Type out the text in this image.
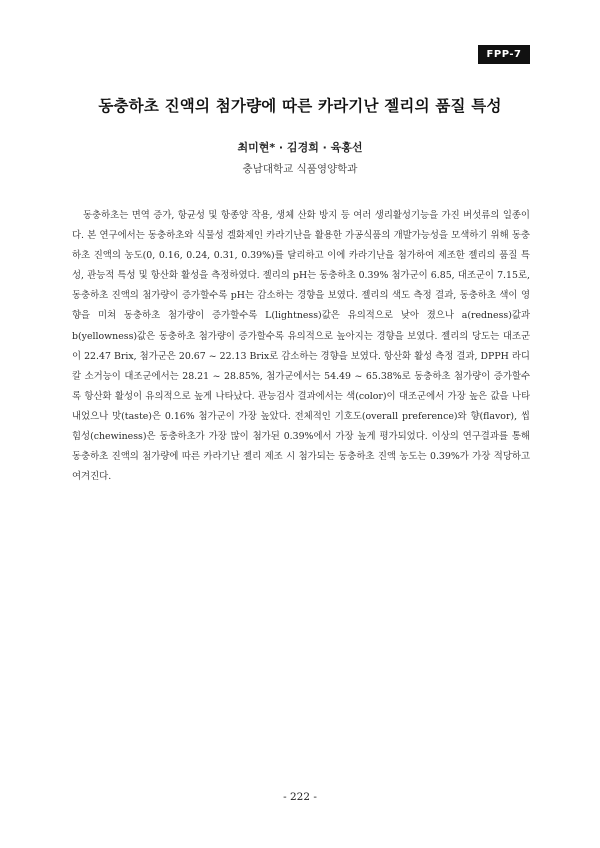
FPP-7
동충하초 진액의 첨가량에 따른 카라기난 젤리의 품질 특성
최미현* · 김경희 · 육홍선
충남대학교 식품영양학과

동충하초는 면역 증가, 항균성 및 항종양 작용, 생체 산화 방지 등 여러 생리활성기능을 가진 버섯류의 일종이다. 본 연구에서는 동충하초와 식물성 겔화제인 카라기난을 활용한 가공식품의 개발가능성을 모색하기 위해 동충하초 진액의 농도(0, 0.16, 0.24, 0.31, 0.39%)를 달리하고 이에 카라기난을 첨가하여 제조한 젤리의 품질 특성, 관능적 특성 및 항산화 활성을 측정하였다. 젤리의 pH는 동충하초 0.39% 첨가군이 6.85, 대조군이 7.15로, 동충하초 진액의 첨가량이 증가할수록 pH는 감소하는 경향을 보였다. 젤리의 색도 측정 결과, 동충하초 색이 영향을 미쳐 동충하초 첨가량이 증가할수록 L(lightness)값은 유의적으로 낮아 졌으나 a(redness)값과 b(yellowness)값은 동충하초 첨가량이 증가할수록 유의적으로 높아지는 경향을 보였다. 젤리의 당도는 대조군이 22.47 Brix, 첨가군은 20.67 ~ 22.13 Brix로 감소하는 경향을 보였다. 항산화 활성 측정 결과, DPPH 라디칼 소거능이 대조군에서는 28.21 ~ 28.85%, 첨가군에서는 54.49 ~ 65.38%로 동충하초 첨가량이 증가할수록 항산화 활성이 유의적으로 높게 나타났다. 관능검사 결과에서는 색(color)이 대조군에서 가장 높은 값을 나타내었으나 맛(taste)은 0.16% 첨가군이 가장 높았다. 전체적인 기호도(overall preference)와 향(flavor), 씹힘성(chewiness)은 동충하초가 가장 많이 첨가된 0.39%에서 가장 높게 평가되었다. 이상의 연구결과를 통해 동충하초 진액의 첨가량에 따른 카라기난 젤리 제조 시 첨가되는 동충하초 진액 농도는 0.39%가 가장 적당하고 여겨진다.

- 222 -
